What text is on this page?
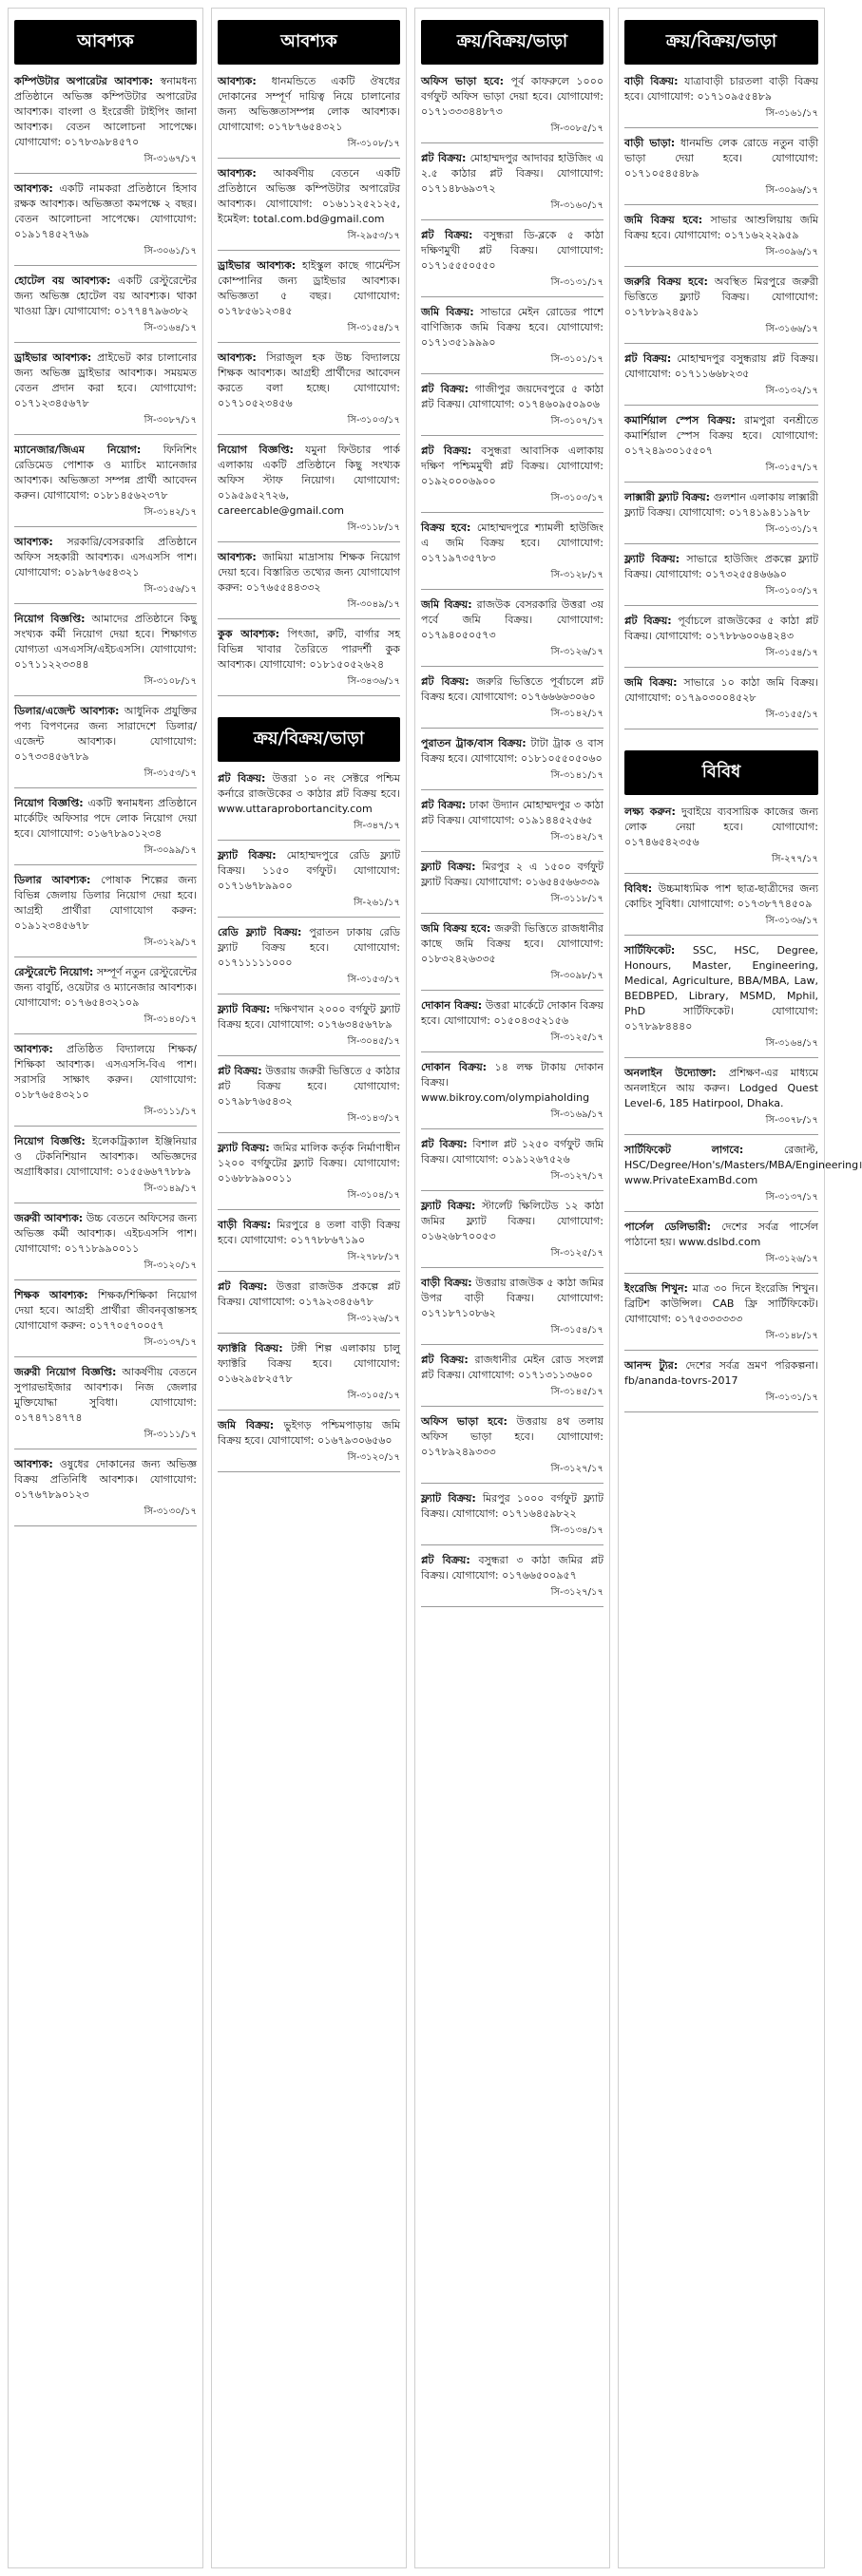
আবশ্যক
কম্পিউটার অপারেটর আবশ্যক: স্বনামধন্য প্রতিষ্ঠানে অভিজ্ঞ কম্পিউটার অপারেটর আবশ্যক। বাংলা ও ইংরেজী টাইপিং জানা আবশ্যক। বেতন আলোচনা সাপেক্ষে। যোগাযোগ: ০১৭৮৩৯৮৪৫৭০
সি-৩১৬৭/১৭
আবশ্যক: একটি নামকরা প্রতিষ্ঠানে হিসাব রক্ষক আবশ্যক। অভিজ্ঞতা কমপক্ষে ২ বছর। বেতন আলোচনা সাপেক্ষে। যোগাযোগ: ০১৯১৭৪৫২৭৬৯
সি-৩০৬১/১৭
হোটেল বয় আবশ্যক: একটি রেস্টুরেন্টের জন্য অভিজ্ঞ হোটেল বয় আবশ্যক। থাকা খাওয়া ফ্রি। যোগাযোগ: ০১৭৭৪৭৯৬৩৮২
সি-৩১৬৪/১৭
ড্রাইভার আবশ্যক: প্রাইভেট কার চালানোর জন্য অভিজ্ঞ ড্রাইভার আবশ্যক। সময়মত বেতন প্রদান করা হবে। যোগাযোগ: ০১৭১২৩৪৫৬৭৮
সি-৩০৮৭/১৭
ম্যানেজার/জিএম নিয়োগ: ফিনিশিং রেডিমেড পোশাক ও ম্যাচিং ম্যানেজার আবশ্যক। অভিজ্ঞতা সম্পন্ন প্রার্থী আবেদন করুন। যোগাযোগ: ০১৮১৪৫৬২৩৭৮
সি-৩১৪২/১৭
আবশ্যক: সরকারি/বেসরকারি প্রতিষ্ঠানে অফিস সহকারী আবশ্যক। এসএসসি পাশ। যোগাযোগ: ০১৯৮৭৬৫৪৩২১
সি-৩১৫৬/১৭
নিয়োগ বিজ্ঞপ্তি: আমাদের প্রতিষ্ঠানে কিছু সংখ্যক কর্মী নিয়োগ দেয়া হবে। শিক্ষাগত যোগ্যতা এসএসসি/এইচএসসি। যোগাযোগ: ০১৭১১২২৩৩৪৪
সি-৩১০৮/১৭
ডিলার/এজেন্ট আবশ্যক: আধুনিক প্রযুক্তির পণ্য বিপণনের জন্য সারাদেশে ডিলার/এজেন্ট আবশ্যক। যোগাযোগ: ০১৭৩৩৪৫৬৭৮৯
সি-৩১৫৩/১৭
নিয়োগ বিজ্ঞপ্তি: একটি স্বনামধন্য প্রতিষ্ঠানে মার্কেটিং অফিসার পদে লোক নিয়োগ দেয়া হবে। যোগাযোগ: ০১৬৭৮৯০১২৩৪
সি-৩০৯৯/১৭
ডিলার আবশ্যক: পোষাক শিল্পের জন্য বিভিন্ন জেলায় ডিলার নিয়োগ দেয়া হবে। আগ্রহী প্রার্থীরা যোগাযোগ করুন: ০১৯১২৩৪৫৬৭৮
সি-৩১২৯/১৭
রেস্টুরেন্টে নিয়োগ: সম্পূর্ণ নতুন রেস্টুরেন্টের জন্য বাবুর্চি, ওয়েটার ও ম্যানেজার আবশ্যক। যোগাযোগ: ০১৭৬৫৪৩২১০৯
সি-৩১৪০/১৭
আবশ্যক: প্রতিষ্ঠিত বিদ্যালয়ে শিক্ষক/শিক্ষিকা আবশ্যক। এসএসসি-বিএ পাশ। সরাসরি সাক্ষাৎ করুন। যোগাযোগ: ০১৮৭৬৫৪৩২১০
সি-৩১১১/১৭
নিয়োগ বিজ্ঞপ্তি: ইলেকট্রিক্যাল ইঞ্জিনিয়ার ও টেকনিশিয়ান আবশ্যক। অভিজ্ঞদের অগ্রাধিকার। যোগাযোগ: ০১৫৫৬৬৭৭৮৮৯
সি-৩১৪৯/১৭
জরুরী আবশ্যক: উচ্চ বেতনে অফিসের জন্য অভিজ্ঞ কর্মী আবশ্যক। এইচএসসি পাশ। যোগাযোগ: ০১৭১৮৯৯০০১১
সি-৩১২০/১৭
শিক্ষক আবশ্যক: শিক্ষক/শিক্ষিকা নিয়োগ দেয়া হবে। আগ্রহী প্রার্থীরা জীবনবৃত্তান্তসহ যোগাযোগ করুন: ০১৭৭০৫৭০০৫৭
সি-৩১৩৭/১৭
জরুরী নিয়োগ বিজ্ঞপ্তি: আকর্ষণীয় বেতনে সুপারভাইজার আবশ্যক। নিজ জেলার মুক্তিযোদ্ধা সুবিধা। যোগাযোগ: ০১৭৪৭১৪৭৭৪
সি-৩১১১/১৭
আবশ্যক: ওষুধের দোকানের জন্য অভিজ্ঞ বিক্রয় প্রতিনিধি আবশ্যক। যোগাযোগ: ০১৭৬৭৮৯০১২৩
সি-৩১৩০/১৭
আবশ্যক
আবশ্যক: ধানমন্ডিতে একটি ঔষধের দোকানের সম্পূর্ণ দায়িত্ব নিয়ে চালানোর জন্য অভিজ্ঞতাসম্পন্ন লোক আবশ্যক। যোগাযোগ: ০১৭৮৭৬৫৪৩২১
সি-৩১০৮/১৭
আবশ্যক: আকর্ষণীয় বেতনে একটি প্রতিষ্ঠানে অভিজ্ঞ কম্পিউটার অপারেটর আবশ্যক। যোগাযোগ: ০১৬১১২৫২১২৫, ইমেইল: total.com.bd@gmail.com
সি-২৯৫৩/১৭
ড্রাইভার আবশ্যক: হাইস্কুল কাছে গার্মেন্টস কোম্পানির জন্য ড্রাইভার আবশ্যক। অভিজ্ঞতা ৫ বছর। যোগাযোগ: ০১৭৮৫৬১২৩৪৫
সি-৩১৫৪/১৭
আবশ্যক: সিরাজুল হক উচ্চ বিদ্যালয়ে শিক্ষক আবশ্যক। আগ্রহী প্রার্থীদের আবেদন করতে বলা হচ্ছে। যোগাযোগ: ০১৭১০৫২৩৪৫৬
সি-৩১০৩/১৭
নিয়োগ বিজ্ঞপ্তি: যমুনা ফিউচার পার্ক এলাকায় একটি প্রতিষ্ঠানে কিছু সংখ্যক অফিস স্টাফ নিয়োগ। যোগাযোগ: ০১৯৫৯৫২৭২৬, careercable@gmail.com
সি-৩১১৮/১৭
আবশ্যক: জামিয়া মাদ্রাসায় শিক্ষক নিয়োগ দেয়া হবে। বিস্তারিত তথ্যের জন্য যোগাযোগ করুন: ০১৭৬৫৫৪৪৩৩২
সি-৩০৪৯/১৭
কুক আবশ্যক: পিৎজা, রুটি, বার্গার সহ বিভিন্ন খাবার তৈরিতে পারদর্শী কুক আবশ্যক। যোগাযোগ: ০১৮১৫০৫২৬২৪
সি-৩৪৩৬/১৭
ক্রয়/বিক্রয়/ভাড়া
প্লট বিক্রয়: উত্তরা ১০ নং সেক্টরে পশ্চিম কর্নারে রাজউকের ৩ কাঠার প্লট বিক্রয় হবে। www.uttaraprobortancity.com
সি-৩৪৭/১৭
ফ্ল্যাট বিক্রয়: মোহাম্মদপুরে রেডি ফ্ল্যাট বিক্রয়। ১১৫০ বর্গফুট। যোগাযোগ: ০১৭১৬৭৮৯৯০০
সি-২৬১/১৭
রেডি ফ্ল্যাট বিক্রয়: পুরাতন ঢাকায় রেডি ফ্ল্যাট বিক্রয় হবে। যোগাযোগ: ০১৭১১১১১০০০
সি-৩১৫৩/১৭
ফ্ল্যাট বিক্রয়: দক্ষিণখান ২০০০ বর্গফুট ফ্ল্যাট বিক্রয় হবে। যোগাযোগ: ০১৭৬৩৪৫৬৭৮৯
সি-৩০৪৫/১৭
প্লট বিক্রয়: উত্তরায় জরুরী ভিত্তিতে ৫ কাঠার প্লট বিক্রয় হবে। যোগাযোগ: ০১৭৯৮৭৬৫৪৩২
সি-৩১৪৩/১৭
ফ্ল্যাট বিক্রয়: জমির মালিক কর্তৃক নির্মাণাধীন ১২০০ বর্গফুটের ফ্ল্যাট বিক্রয়। যোগাযোগ: ০১৬৮৮৯৯০০১১
সি-৩১০৪/১৭
বাড়ী বিক্রয়: মিরপুরে ৪ তলা বাড়ী বিক্রয় হবে। যোগাযোগ: ০১৭৭৮৮৬৭১৯০
সি-২৭৮৮/১৭
প্লট বিক্রয়: উত্তরা রাজউক প্রকল্পে প্লট বিক্রয়। যোগাযোগ: ০১৭৯২৩৪৫৬৭৮
সি-৩১২৬/১৭
ফ্যাক্টরি বিক্রয়: টঙ্গী শিল্প এলাকায় চালু ফ্যাক্টরি বিক্রয় হবে। যোগাযোগ: ০১৬২৯৫৮২৫৭৮
সি-৩১০৫/১৭
জমি বিক্রয়: ভুইগড় পশ্চিমপাড়ায় জমি বিক্রয় হবে। যোগাযোগ: ০১৬৭৯৩০৬৫৬০
সি-৩১২০/১৭
ক্রয়/বিক্রয়/ভাড়া
অফিস ভাড়া হবে: পূর্ব কাফরুলে ১০০০ বর্গফুট অফিস ভাড়া দেয়া হবে। যোগাযোগ: ০১৭১৩৩৩৪৪৮৭৩
সি-৩০৮৫/১৭
প্লট বিক্রয়: মোহাম্মদপুর আদাবর হাউজিং এ ২.৫ কাঠার প্লট বিক্রয়। যোগাযোগ: ০১৭১৪৮৬৯৩৭২
সি-৩১৬০/১৭
প্লট বিক্রয়: বসুন্ধরা ডি-ব্লকে ৫ কাঠা দক্ষিণমুখী প্লট বিক্রয়। যোগাযোগ: ০১৭১৫৫৫০৫৫০
সি-৩১৩১/১৭
জমি বিক্রয়: সাভারে মেইন রোডের পাশে বাণিজ্যিক জমি বিক্রয় হবে। যোগাযোগ: ০১৭১৩৫১৯৯৯০
সি-৩১০১/১৭
প্লট বিক্রয়: গাজীপুর জয়দেবপুরে ৫ কাঠা প্লট বিক্রয়। যোগাযোগ: ০১৭৪৬০৯৫০৯০৬
সি-৩১০৭/১৭
প্লট বিক্রয়: বসুন্ধরা আবাসিক এলাকায় দক্ষিণ পশ্চিমমুখী প্লট বিক্রয়। যোগাযোগ: ০১৯২০০০৬৯০০
সি-৩১০৩/১৭
বিক্রয় হবে: মোহাম্মদপুরে শ্যামলী হাউজিং এ জমি বিক্রয় হবে। যোগাযোগ: ০১৭১৯৭৩৫৭৮৩
সি-৩১২৮/১৭
জমি বিক্রয়: রাজউক বেসরকারি উত্তরা ৩য় পর্বে জমি বিক্রয়। যোগাযোগ: ০১৭৯৪০৫০৫৭৩
সি-৩১২৬/১৭
প্লট বিক্রয়: জরুরি ভিত্তিতে পূর্বাচলে প্লট বিক্রয় হবে। যোগাযোগ: ০১৭৬৬৬৬৩০৬০
সি-৩১৪২/১৭
পুরাতন ট্রাক/বাস বিক্রয়: টাটা ট্রাক ও বাস বিক্রয় হবে। যোগাযোগ: ০১৮১০৫৫০৫০৬০
সি-৩১৪১/১৭
প্লট বিক্রয়: ঢাকা উদ্যান মোহাম্মদপুর ৩ কাঠা প্লট বিক্রয়। যোগাযোগ: ০১৯১৪৪৫২৫৬৫
সি-৩১৪২/১৭
ফ্ল্যাট বিক্রয়: মিরপুর ২ এ ১৫০০ বর্গফুট ফ্ল্যাট বিক্রয়। যোগাযোগ: ০১৬৫৪৫৬৬৩৩৯
সি-৩১১৮/১৭
জমি বিক্রয় হবে: জরুরী ভিত্তিতে রাজধানীর কাছে জমি বিক্রয় হবে। যোগাযোগ: ০১৮৩২৪২৬৩৩৫
সি-৩০৯৮/১৭
দোকান বিক্রয়: উত্তরা মার্কেটে দোকান বিক্রয় হবে। যোগাযোগ: ০১৫০৪৩৫২১৫৬
সি-৩১২৫/১৭
দোকান বিক্রয়: ১৪ লক্ষ টাকায় দোকান বিক্রয়। www.bikroy.com/olympiaholding
সি-৩১৬৯/১৭
প্লট বিক্রয়: বিশাল প্লট ১২৫০ বর্গফুট জমি বিক্রয়। যোগাযোগ: ০১৯১২৬৭৫২৬
সি-৩১২৭/১৭
ফ্ল্যাট বিক্রয়: স্টার্লেট ক্ষিলিটেড ১২ কাঠা জমির ফ্ল্যাট বিক্রয়। যোগাযোগ: ০১৬২৬৮৭০০৫৩
সি-৩১২৫/১৭
বাড়ী বিক্রয়: উত্তরায় রাজউক ৫ কাঠা জমির উপর বাড়ী বিক্রয়। যোগাযোগ: ০১৭১৮৭১০৮৬২
সি-৩১৫৪/১৭
প্লট বিক্রয়: রাজধানীর মেইন রোড সংলগ্ন প্লট বিক্রয়। যোগাযোগ: ০১৭১৩১১৩৬০০
সি-৩১৪৫/১৭
অফিস ভাড়া হবে: উত্তরায় ৪থ তলায় অফিস ভাড়া হবে। যোগাযোগ: ০১৭৮৯২৪৯৩৩৩
সি-৩১২৭/১৭
ফ্ল্যাট বিক্রয়: মিরপুর ১০০০ বর্গফুট ফ্ল্যাট বিক্রয়। যোগাযোগ: ০১৭১৬৪৫৯৮২২
সি-৩১৩৪/১৭
প্লট বিক্রয়: বসুন্ধরা ৩ কাঠা জমির প্লট বিক্রয়। যোগাযোগ: ০১৭৬৬৫০০৯৫৭
সি-৩১২৭/১৭
ক্রয়/বিক্রয়/ভাড়া
বাড়ী বিক্রয়: যাত্রাবাড়ী চারতলা বাড়ী বিক্রয় হবে। যোগাযোগ: ০১৭১০৯৫৫৪৮৯
সি-৩১৬১/১৭
বাড়ী ভাড়া: ধানমন্ডি লেক রোডে নতুন বাড়ী ভাড়া দেয়া হবে। যোগাযোগ: ০১৭১০৫৪৫৪৮৯
সি-৩০৯৬/১৭
জমি বিক্রয় হবে: সাভার আশুলিয়ায় জমি বিক্রয় হবে। যোগাযোগ: ০১৭১৬২২২৯৫৯
সি-৩০৯৬/১৭
জরুরি বিক্রয় হবে: অবস্থিত মিরপুরে জরুরী ভিত্তিতে ফ্ল্যাট বিক্রয়। যোগাযোগ: ০১৭৮৮৯২৪৫৯১
সি-৩১৬৬/১৭
প্লট বিক্রয়: মোহাম্মদপুর বসুন্ধরায় প্লট বিক্রয়। যোগাযোগ: ০১৭১১৬৬৮২৩৫
সি-৩১৩২/১৭
কমার্শিয়াল স্পেস বিক্রয়: রামপুরা বনশ্রীতে কমার্শিয়াল স্পেস বিক্রয় হবে। যোগাযোগ: ০১৭২৪৯৩০১৫৫০৭
সি-৩১৫৭/১৭
লাক্সারী ফ্ল্যাট বিক্রয়: গুলশান এলাকায় লাক্সারী ফ্ল্যাট বিক্রয়। যোগাযোগ: ০১৭৪১৯৪১১৯৭৮
সি-৩১৩১/১৭
ফ্ল্যাট বিক্রয়: সাভারে হাউজিং প্রকল্পে ফ্ল্যাট বিক্রয়। যোগাযোগ: ০১৭৩২৫৫৪৬৬৯০
সি-৩১০৩/১৭
প্লট বিক্রয়: পূর্বাচলে রাজউকের ৫ কাঠা প্লট বিক্রয়। যোগাযোগ: ০১৭৮৮৬০০৬৪২৪৩
সি-৩১৫৪/১৭
জমি বিক্রয়: সাভারে ১০ কাঠা জমি বিক্রয়। যোগাযোগ: ০১৭৯০৩০০৪৫২৮
সি-৩১৫৫/১৭
বিবিধ
লক্ষ্য করুন: দুবাইয়ে ব্যবসায়িক কাজের জন্য লোক নেয়া হবে। যোগাযোগ: ০১৭৪৬৫৪২৩৫৬
সি-২৭৭/১৭
বিবিধ: উচ্চমাধ্যমিক পাশ ছাত্র-ছাত্রীদের জন্য কোচিং সুবিধা। যোগাযোগ: ০১৭৩৮৭৭৪৫০৯
সি-৩১৩৬/১৭
সার্টিফিকেট: SSC, HSC, Degree, Honours, Master, Engineering, Medical, Agriculture, BBA/MBA, Law, BEDBPED, Library, MSMD, Mphil, PhD সার্টিফিকেট। যোগাযোগ: ০১৭৮৯৮৪৪৪০
সি-৩১৬৪/১৭
অনলাইন উদ্যোক্তা: প্রশিক্ষণ-এর মাধ্যমে অনলাইনে আয় করুন। Lodged Quest Level-6, 185 Hatirpool, Dhaka.
সি-৩০৭৮/১৭
সার্টিফিকেট লাগবে:	রেজাল্ট, HSC/Degree/Hon's/Masters/MBA/Engineering। www.PrivateExamBd.com
সি-৩১৩৭/১৭
পার্সেল ডেলিভারী: দেশের সর্বত্র পার্সেল পাঠানো হয়। www.dslbd.com
সি-৩১২৬/১৭
ইংরেজি শিখুন: মাত্র ৩০ দিনে ইংরেজি শিখুন। ব্রিটিশ কাউন্সিল। CAB ফ্রি সার্টিফিকেট। যোগাযোগ: ০১৭৫৩৩৩৩৩৩
সি-৩১৪৮/১৭
আনন্দ ট্যুর: দেশের সর্বত্র ভ্রমণ পরিকল্পনা। fb/ananda-tovrs-2017
সি-৩১৩১/১৭
